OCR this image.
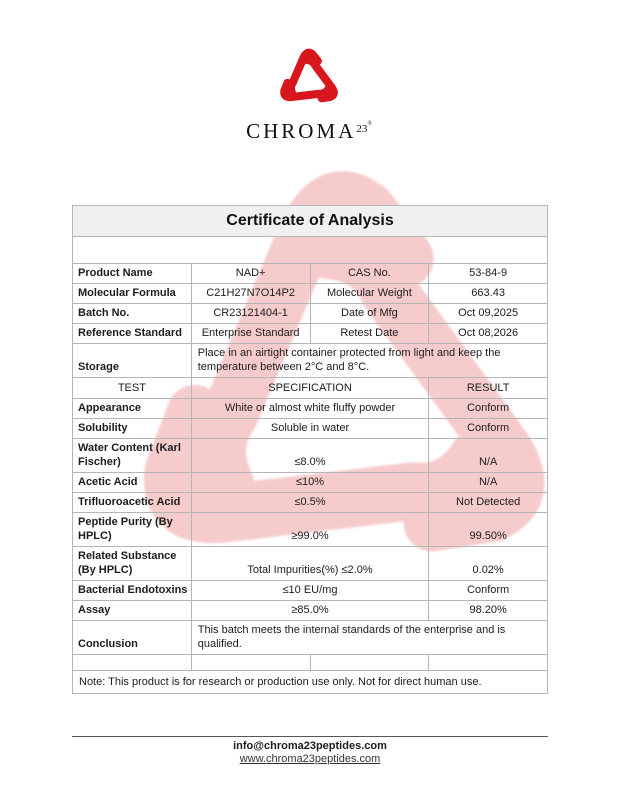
$CHROMA^{23®}$
Certificate of Analysis			

Product Name	NAD+	CAS No.	53-84-9
Molecular Formula	C21H27N7O14P2	Molecular Weight	663.43
Batch No.	CR23121404-1	Date of Mfg	Oct 09,2025
Reference Standard	Enterprise Standard	Retest Date	Oct 08,2026
Storage	Place in an airtight container protected from light and keep the temperature between 2°C and 8°C.		
TEST	SPECIFICATION		RESULT
Appearance	White or almost white fluffy powder		Conform
Solubility	Soluble in water		Conform
Water Content (Karl Fischer)	≤8.0%		N/A
Acetic Acid	≤10%		N/A
Trifluoroacetic Acid	≤0.5%		Not Detected
Peptide Purity (By HPLC)	≥99.0%		99.50%
Related Substance (By HPLC)	Total Impurities(%) ≤2.0%		0.02%
Bacterial Endotoxins	≤10 EU/mg		Conform
Assay	≥85.0%		98.20%
Conclusion	This batch meets the internal standards of the enterprise and is qualified.		

Note: This product is for research or production use only. Not for direct human use.			
info@chroma23peptides.com
www.chroma23peptides.com
